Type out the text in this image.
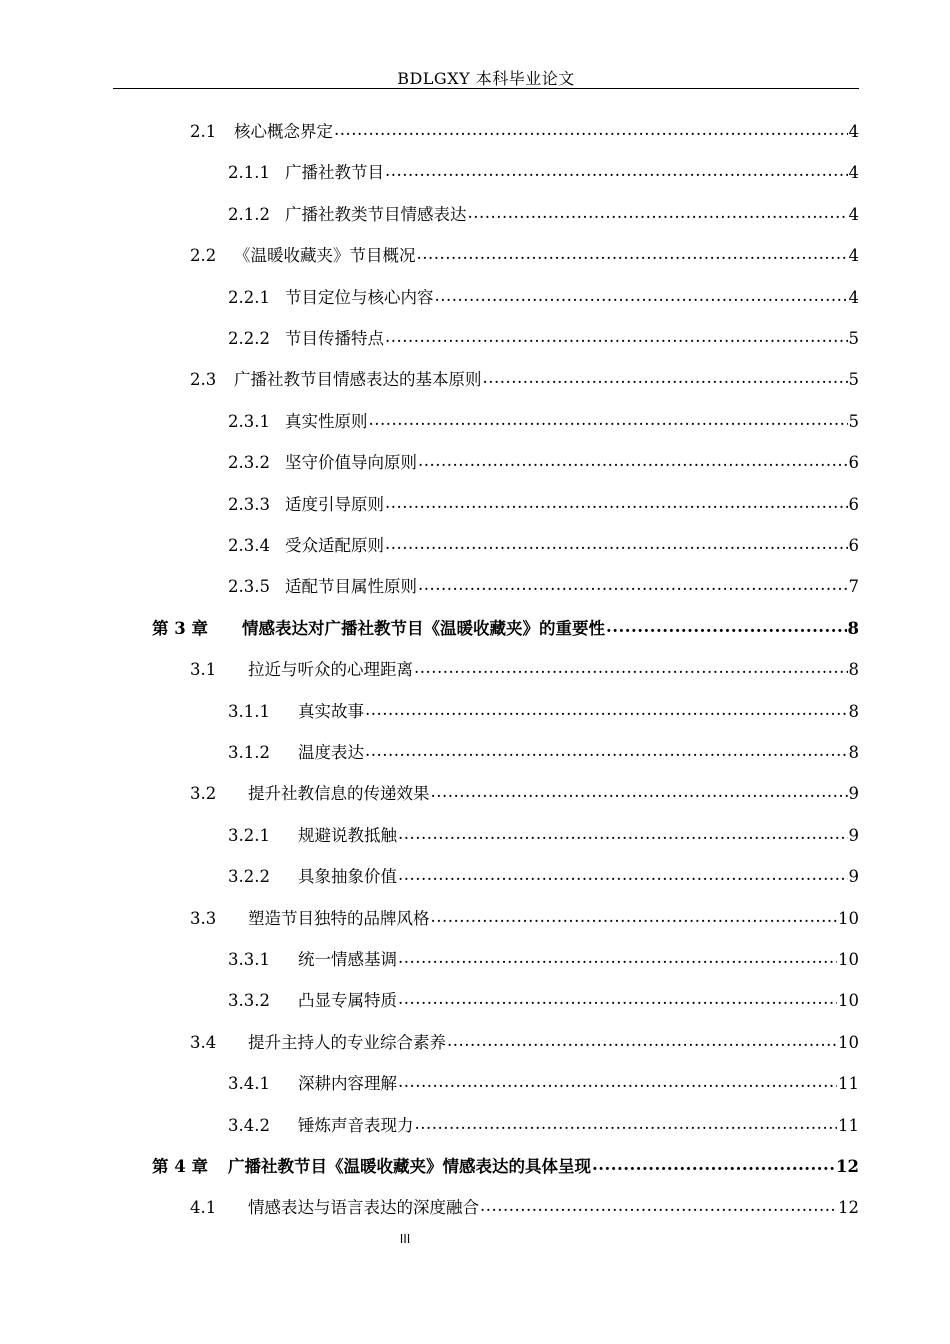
BDLGXY 本科毕业论文
2.1	核心概念界定 .....	4
2.1.1 广播社教节目 .....	4
2.1.2 广播社教类节目情感表达 .....	4
2.2	《温暖收藏夹》节目概况 .....	4
2.2.1 节目定位与核心内容 .....	4
2.2.2 节目传播特点 .....	5
2.3	广播社教节目情感表达的基本原则 .....	5
2.3.1 真实性原则 .....	5
2.3.2 坚守价值导向原则 .....	6
2.3.3 适度引导原则 .....	6
2.3.4 受众适配原则 .....	6
2.3.5 适配节目属性原则 .....	7
第 3 章	情感表达对广播社教节目《温暖收藏夹》的重要性 .....	8
3.1	拉近与听众的心理距离 .....	8
3.1.1	真实故事 .....	8
3.1.2	温度表达 .....	8
3.2	提升社教信息的传递效果 .....	9
3.2.1	规避说教抵触 .....	9
3.2.2	具象抽象价值 .....	9
3.3	塑造节目独特的品牌风格 .....	10
3.3.1	统一情感基调 .....	10
3.3.2	凸显专属特质 .....	10
3.4	提升主持人的专业综合素养 .....	10
3.4.1	深耕内容理解 .....	11
3.4.2	锤炼声音表现力 .....	11
第 4 章	广播社教节目《温暖收藏夹》情感表达的具体呈现 .....	12
4.1	情感表达与语言表达的深度融合 .....	12
III
